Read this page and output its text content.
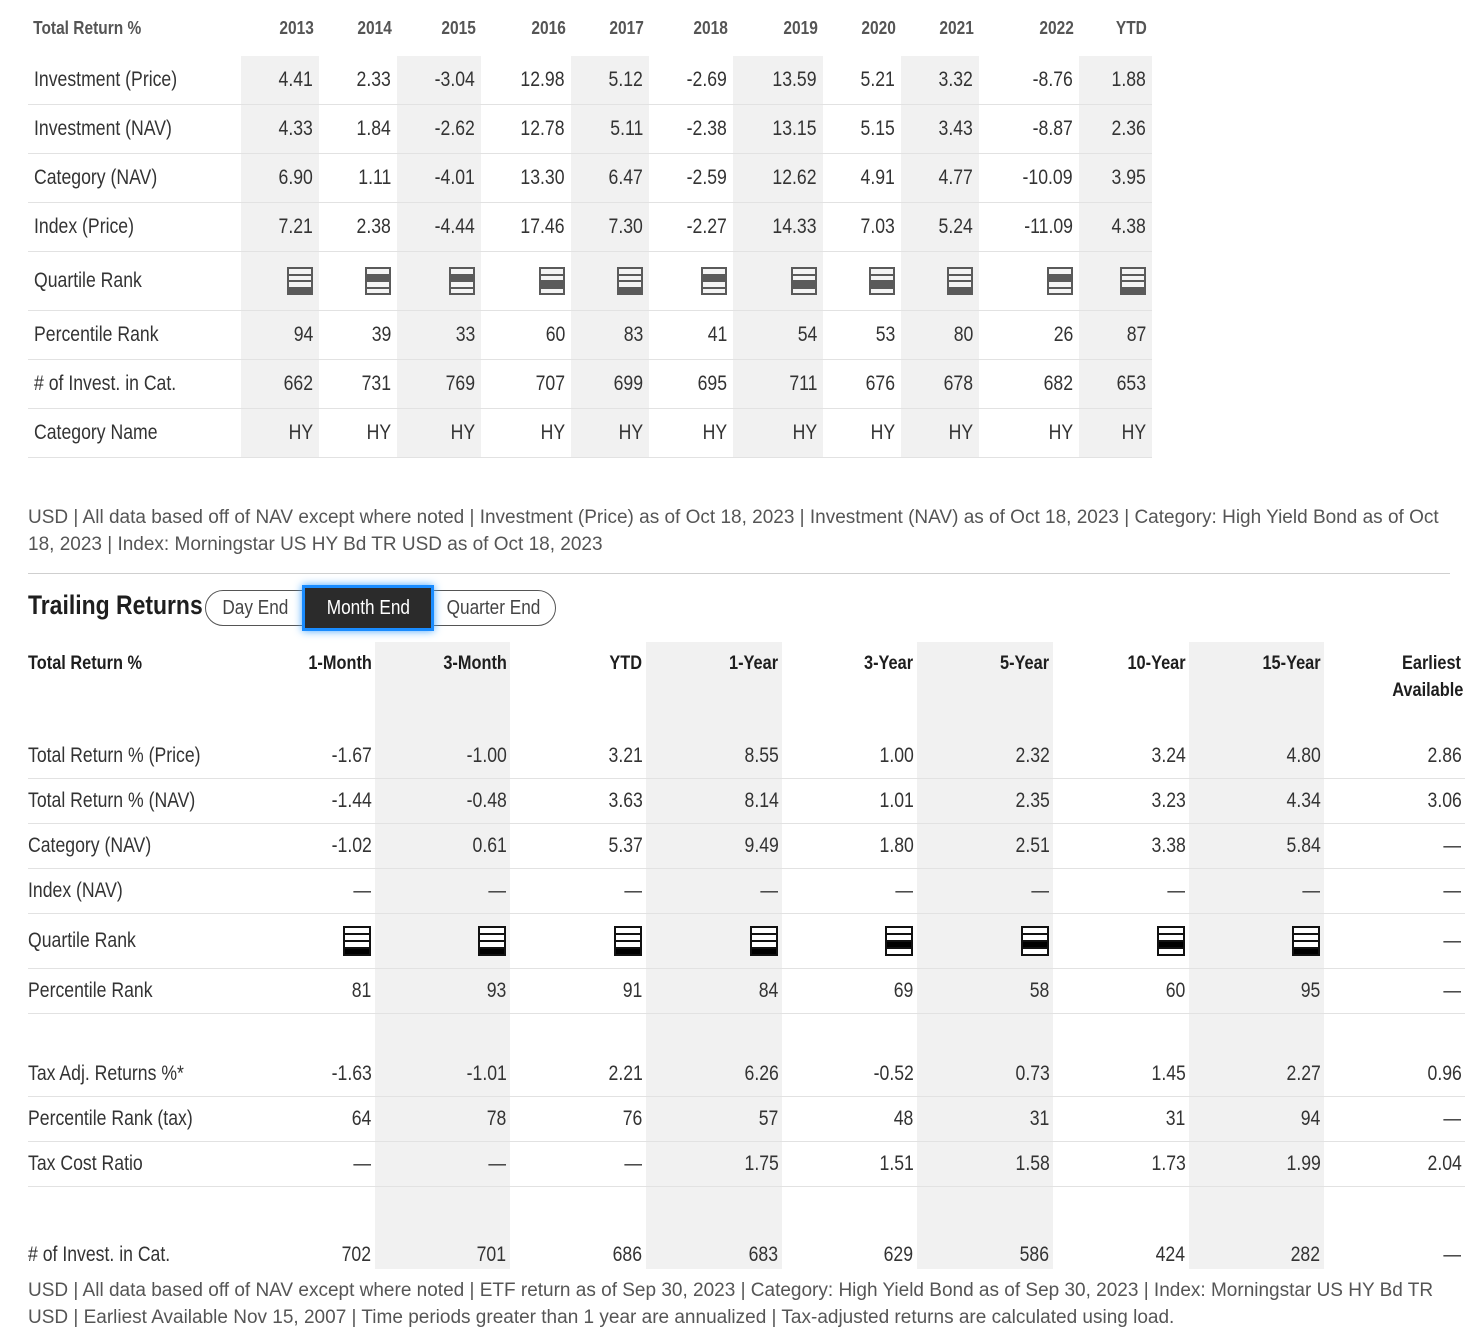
Total Return %	2013	2014	2015	2016	2017	2018	2019	2020	2021	2022	YTD
Investment (Price)	4.41	2.33	-3.04	12.98	5.12	-2.69	13.59	5.21	3.32	-8.76	1.88
Investment (NAV)	4.33	1.84	-2.62	12.78	5.11	-2.38	13.15	5.15	3.43	-8.87	2.36
Category (NAV)	6.90	1.11	-4.01	13.30	6.47	-2.59	12.62	4.91	4.77	-10.09	3.95
Index (Price)	7.21	2.38	-4.44	17.46	7.30	-2.27	14.33	7.03	5.24	-11.09	4.38
Quartile Rank	

Percentile Rank	94	39	33	60	83	41	54	53	80	26	87
# of Invest. in Cat.	662	731	769	707	699	695	711	676	678	682	653
Category Name	HY	HY	HY	HY	HY	HY	HY	HY	HY	HY	HY
USD | All data based off of NAV except where noted | Investment (Price) as of Oct 18, 2023 | Investment (NAV) as of Oct 18, 2023 | Category: High Yield Bond as of Oct 18, 2023 | Index: Morningstar US HY Bd TR USD as of Oct 18, 2023
Trailing Returns Day End Month End Quarter End
Total Return %	1-Month	3-Month	YTD	1-Year	3-Year	5-Year	10-Year	15-Year	Earliest Available
Total Return % (Price)	-1.67	-1.00	3.21	8.55	1.00	2.32	3.24	4.80	2.86
Total Return % (NAV)	-1.44	-0.48	3.63	8.14	1.01	2.35	3.23	4.34	3.06
Category (NAV)	-1.02	0.61	5.37	9.49	1.80	2.51	3.38	5.84	—
Index (NAV)	—	—	—	—	—	—	—	—	—
Quartile Rank									—
Percentile Rank	81	93	91	84	69	58	60	95	—

Tax Adj. Returns %*	-1.63	-1.01	2.21	6.26	-0.52	0.73	1.45	2.27	0.96
Percentile Rank (tax)	64	78	76	57	48	31	31	94	—
Tax Cost Ratio	—	—	—	1.75	1.51	1.58	1.73	1.99	2.04

# of Invest. in Cat.	702	701	686	683	629	586	424	282	—
USD | All data based off of NAV except where noted | ETF return as of Sep 30, 2023 | Category: High Yield Bond as of Sep 30, 2023 | Index: Morningstar US HY Bd TR USD | Earliest Available Nov 15, 2007 | Time periods greater than 1 year are annualized | Tax-adjusted returns are calculated using load.
